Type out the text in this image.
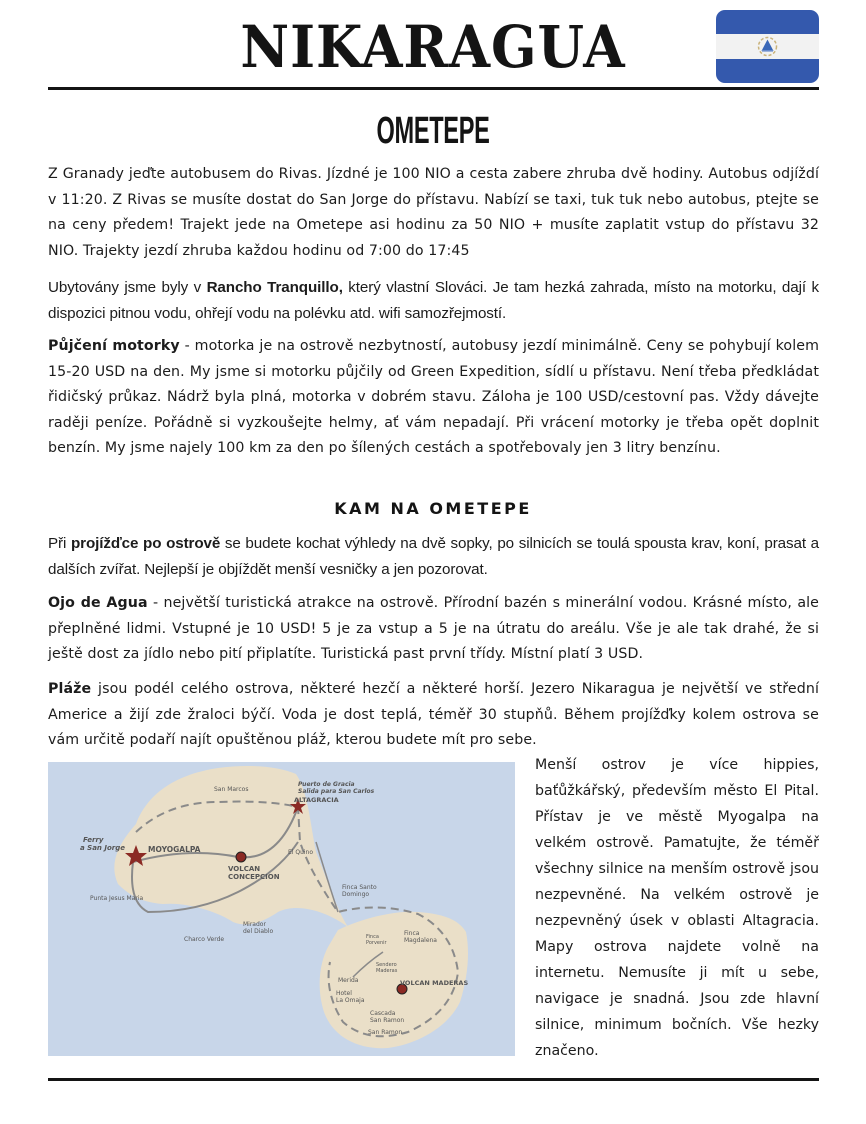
NIKARAGUA
OMETEPE
Z Granady jeďte autobusem do Rivas. Jízdné je 100 NIO a cesta zabere zhruba dvě hodiny. Autobus odjíždí v 11:20. Z Rivas se musíte dostat do San Jorge do přístavu. Nabízí se taxi, tuk tuk nebo autobus, ptejte se na ceny předem! Trajekt jede na Ometepe asi hodinu za 50 NIO + musíte zaplatit vstup do přístavu 32 NIO. Trajekty jezdí zhruba každou hodinu od 7:00 do 17:45
Ubytovány jsme byly v Rancho Tranquillo, který vlastní Slováci. Je tam hezká zahrada, místo na motorku, dají k dispozici pitnou vodu, ohřejí vodu na polévku atd. wifi samozřejmostí.
Půjčení motorky - motorka je na ostrově nezbytností, autobusy jezdí minimálně. Ceny se pohybují kolem 15-20 USD na den. My jsme si motorku půjčily od Green Expedition, sídlí u přístavu. Není třeba předkládat řidičský průkaz. Nádrž byla plná, motorka v dobrém stavu. Záloha je 100 USD/cestovní pas. Vždy dávejte raději peníze. Pořádně si vyzkoušejte helmy, ať vám nepadají. Při vrácení motorky je třeba opět doplnit benzín. My jsme najely 100 km za den po šílených cestách a spotřebovaly jen 3 litry benzínu.
KAM NA OMETEPE
Při projížďce po ostrově se budete kochat výhledy na dvě sopky, po silnicích se toulá spousta krav, koní, prasat a dalších zvířat. Nejlepší je objíždět menší vesničky a jen pozorovat.
Ojo de Agua - největší turistická atrakce na ostrově. Přírodní bazén s minerální vodou. Krásné místo, ale přeplněné lidmi. Vstupné je 10 USD! 5 je za vstup a 5 je na útratu do areálu. Vše je ale tak drahé, že si ještě dost za jídlo nebo pití připlatíte. Turistická past první třídy. Místní platí 3 USD.
Pláže jsou podél celého ostrova, některé hezčí a některé horší. Jezero Nikaragua je největší ve střední Americe a žijí zde žraloci býčí. Voda je dost teplá, téměř 30 stupňů. Během projížďky kolem ostrova se vám určitě podaří najít opuštěnou pláž, kterou budete mít pro sebe.
Ferry
a San Jorge	MOYOGALPA
San Marcos
Puerto de Gracia
Salida para San Carlos
ALTAGRACIA
VOLCAN
CONCEPCION
El Quino
Punta Jesus Maria
Charco Verde
Mirador
del Diablo
Finca Santo
Domingo
Finca
Magdalena
Finca
Porvenir
Sendero
Maderas
VOLCAN MADERAS
Merida
Hotel
La Omaja
Cascada
San Ramon
San Ramon
Menší ostrov je více hippies, baťůžkářský, především město El Pital. Přístav je ve městě Myogalpa na velkém ostrově. Pamatujte, že téměř všechny silnice na menším ostrově jsou nezpevněné. Na velkém ostrově je nezpevněný úsek v oblasti Altagracia. Mapy ostrova najdete volně na internetu. Nemusíte ji mít u sebe, navigace je snadná. Jsou zde hlavní silnice, minimum bočních. Vše hezky značeno.
